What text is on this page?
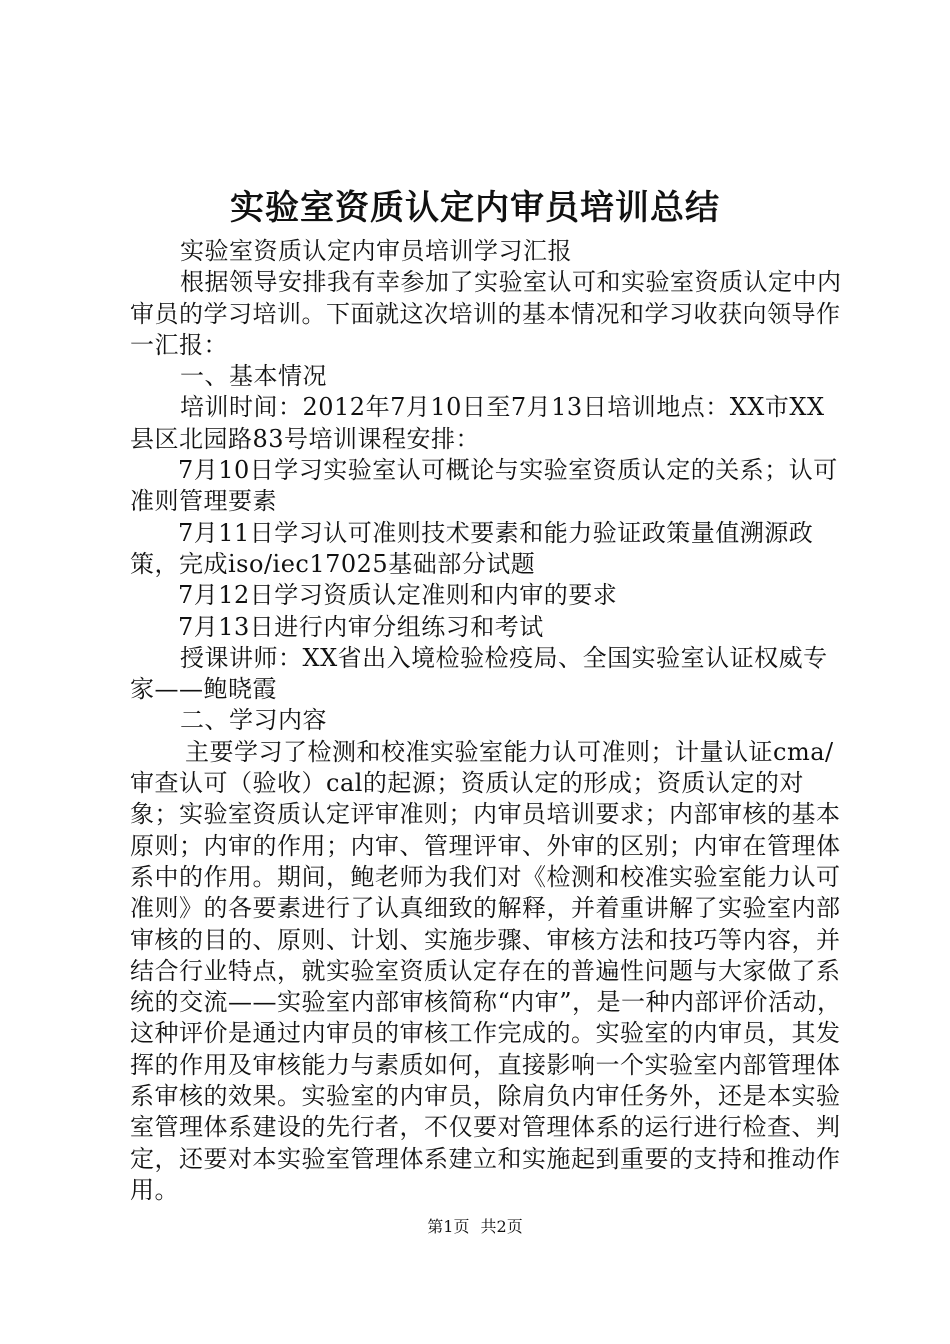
实验室资质认定内审员培训总结

实验室资质认定内审员培训学习汇报

根据领导安排我有幸参加了实验室认可和实验室资质认定中内审员的学习培训。下面就这次培训的基本情况和学习收获向领导作一汇报：

一、基本情况

培训时间：2012年7月10日至7月13日培训地点：XX市XX县区北园路83号培训课程安排：

7月10日学习实验室认可概论与实验室资质认定的关系；认可准则管理要素

7月11日学习认可准则技术要素和能力验证政策量值溯源政策，完成iso/iec17025基础部分试题

7月12日学习资质认定准则和内审的要求

7月13日进行内审分组练习和考试

授课讲师：XX省出入境检验检疫局、全国实验室认证权威专家——鲍晓霞

二、学习内容

主要学习了检测和校准实验室能力认可准则；计量认证cma/审查认可（验收）cal的起源；资质认定的形成；资质认定的对象；实验室资质认定评审准则；内审员培训要求；内部审核的基本原则；内审的作用；内审、管理评审、外审的区别；内审在管理体系中的作用。期间，鲍老师为我们对《检测和校准实验室能力认可准则》的各要素进行了认真细致的解释，并着重讲解了实验室内部审核的目的、原则、计划、实施步骤、审核方法和技巧等内容，并结合行业特点，就实验室资质认定存在的普遍性问题与大家做了系统的交流——实验室内部审核简称“内审”，是一种内部评价活动，这种评价是通过内审员的审核工作完成的。实验室的内审员，其发挥的作用及审核能力与素质如何，直接影响一个实验室内部管理体系审核的效果。实验室的内审员，除肩负内审任务外，还是本实验室管理体系建设的先行者，不仅要对管理体系的运行进行检查、判定，还要对本实验室管理体系建立和实施起到重要的支持和推动作用。

第1页 共2页
